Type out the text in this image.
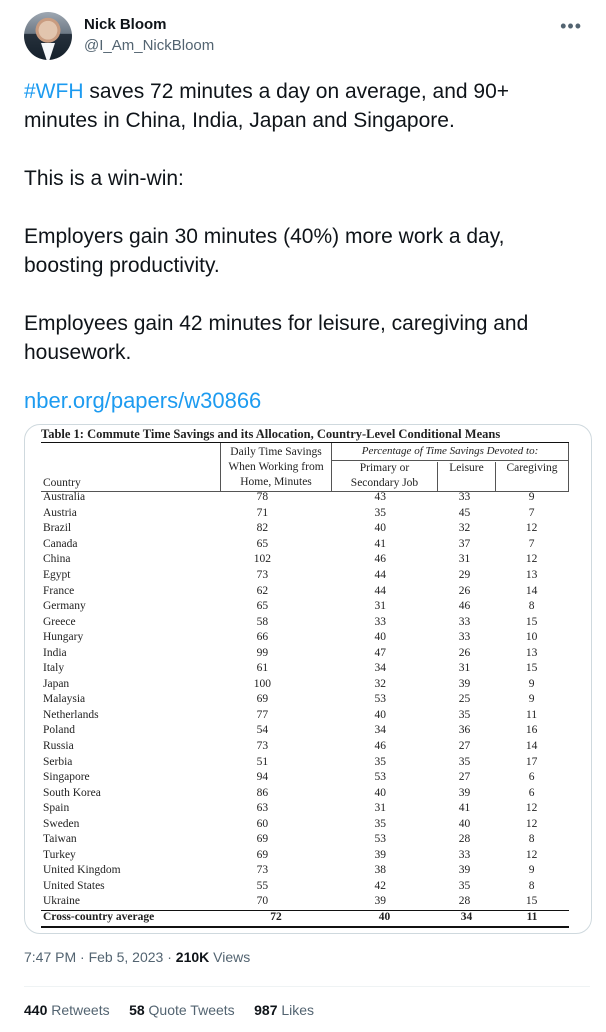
Nick Bloom
@I_Am_NickBloom
•••

#WFH saves 72 minutes a day on average, and 90+ minutes in China, India, Japan and Singapore.

This is a win-win:

Employers gain 30 minutes (40%) more work a day, boosting productivity.

Employees gain 42 minutes for leisure, caregiving and housework.

nber.org/papers/w30866
Table 1: Commute Time Savings and its Allocation, Country-Level Conditional Means
Country
Daily Time Savings
When Working from
Home, Minutes
Percentage of Time Savings Devoted to:
Primary or
Secondary Job
Leisure	Caregiving
Australia	78	43	33	9
Austria	71	35	45	7
Brazil	82	40	32	12
Canada	65	41	37	7
China	102	46	31	12
Egypt	73	44	29	13
France	62	44	26	14
Germany	65	31	46	8
Greece	58	33	33	15
Hungary	66	40	33	10
India	99	47	26	13
Italy	61	34	31	15
Japan	100	32	39	9
Malaysia	69	53	25	9
Netherlands	77	40	35	11
Poland	54	34	36	16
Russia	73	46	27	14
Serbia	51	35	35	17
Singapore	94	53	27	6
South Korea	86	40	39	6
Spain	63	31	41	12
Sweden	60	35	40	12
Taiwan	69	53	28	8
Turkey	69	39	33	12
United Kingdom	73	38	39	9
United States	55	42	35	8
Ukraine	70	39	28	15
Cross-country average	72	40	34	11
7:47 PM · Feb 5, 2023 · 210K Views
440 Retweets 58 Quote Tweets 987 Likes
